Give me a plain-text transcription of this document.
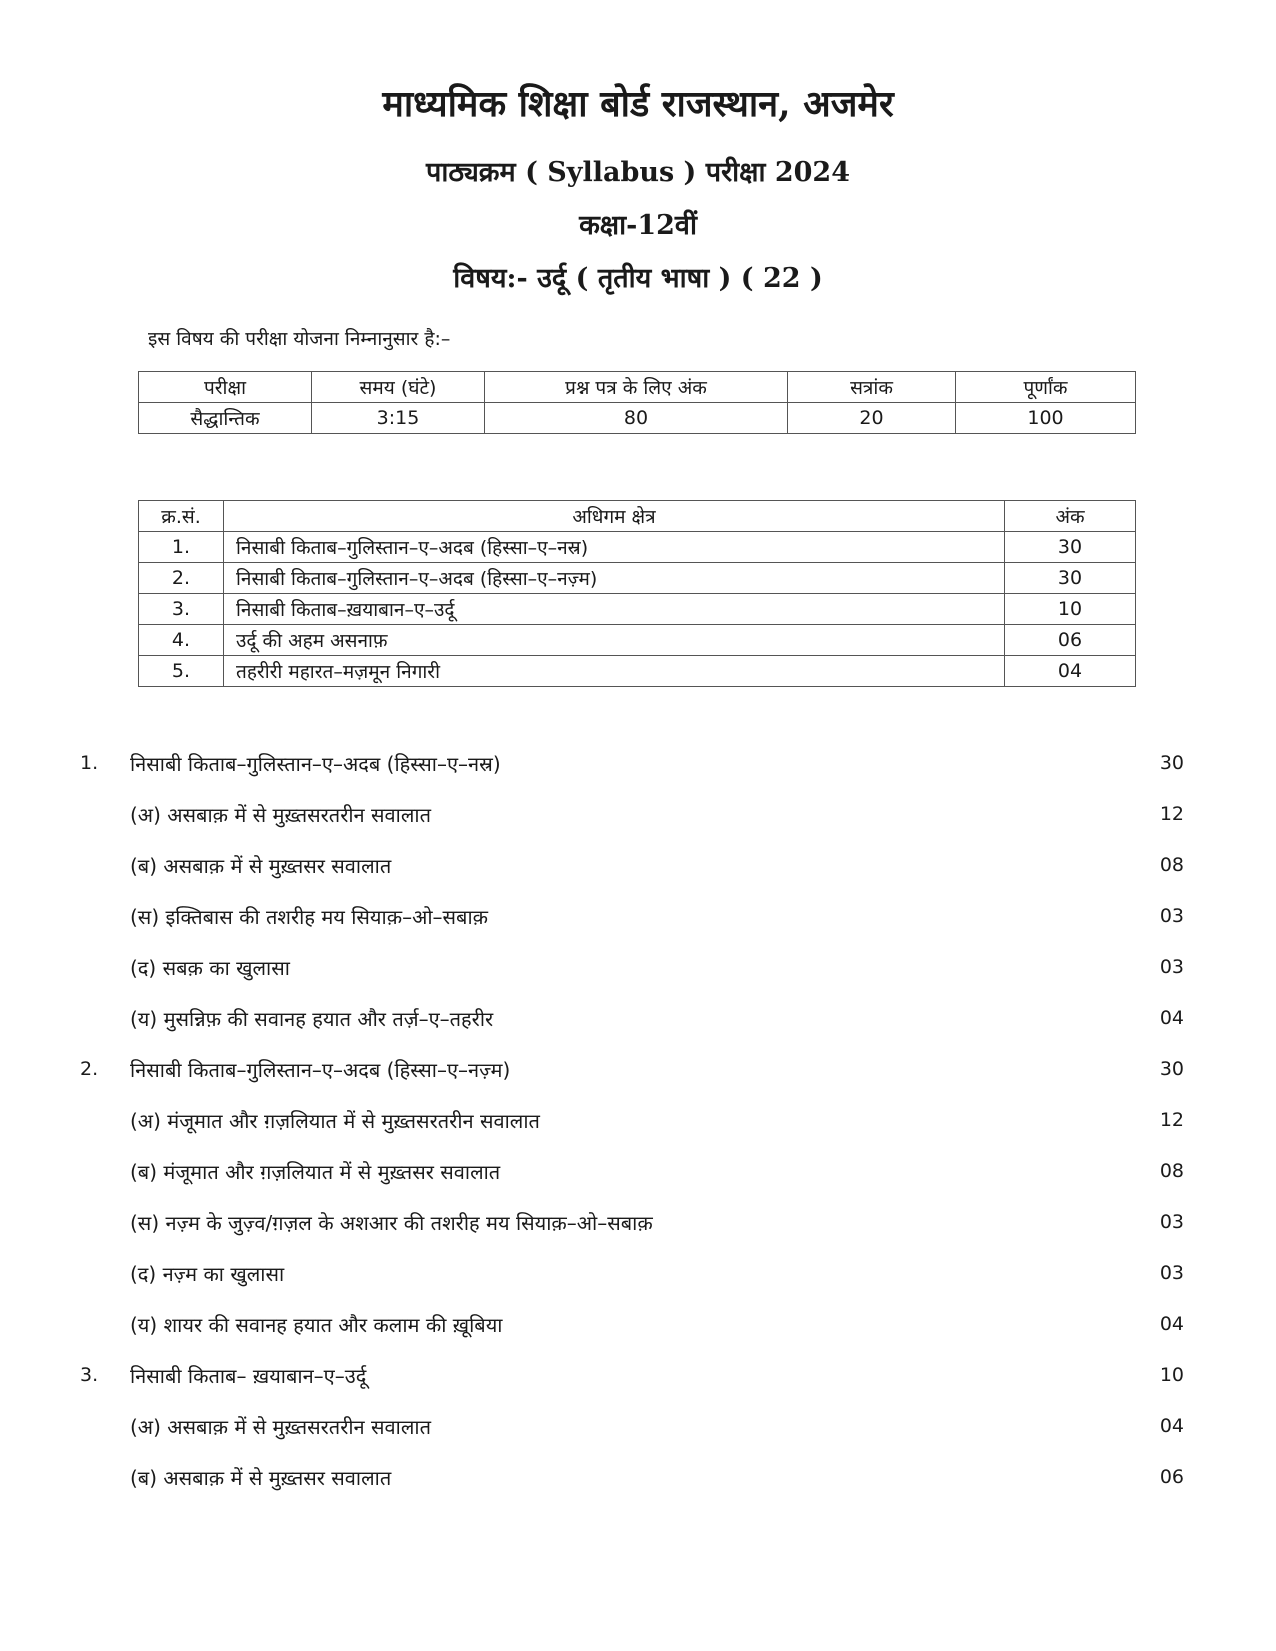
माध्यमिक शिक्षा बोर्ड राजस्थान, अजमेर
पाठ्यक्रम ( Syllabus ) परीक्षा 2024
कक्षा-12वीं
विषय:- उर्दू ( तृतीय भाषा ) ( 22 )
इस विषय की परीक्षा योजना निम्नानुसार है:–
परीक्षा	समय (घंटे)	प्रश्न पत्र के लिए अंक	सत्रांक	पूर्णांक
सैद्धान्तिक	3:15	80	20	100
क्र.सं.	अधिगम क्षेत्र	अंक
1.	निसाबी किताब–गुलिस्तान–ए–अदब (हिस्सा–ए–नस्र)	30
2.	निसाबी किताब–गुलिस्तान–ए–अदब (हिस्सा–ए–नज़्म)	30
3.	निसाबी किताब–ख़याबान–ए–उर्दू	10
4.	उर्दू की अहम असनाफ़	06
5.	तहरीरी महारत–मज़मून निगारी	04
1. निसाबी किताब–गुलिस्तान–ए–अदब (हिस्सा–ए–नस्र)	30
(अ) असबाक़ में से मुख़्तसरतरीन सवालात	12
(ब) असबाक़ में से मुख़्तसर सवालात	08
(स) इक्तिबास की तशरीह मय सियाक़–ओ–सबाक़	03
(द) सबक़ का खुलासा	03
(य) मुसन्निफ़ की सवानह हयात और तर्ज़–ए–तहरीर	04
2. निसाबी किताब–गुलिस्तान–ए–अदब (हिस्सा–ए–नज़्म)	30
(अ) मंजूमात और ग़ज़लियात में से मुख़्तसरतरीन सवालात	12
(ब) मंजूमात और ग़ज़लियात में से मुख़्तसर सवालात	08
(स) नज़्म के जुज़्व/ग़ज़ल के अशआर की तशरीह मय सियाक़–ओ–सबाक़	03
(द) नज़्म का खुलासा	03
(य) शायर की सवानह हयात और कलाम की ख़ूबिया	04
3. निसाबी किताब– ख़याबान–ए–उर्दू	10
(अ) असबाक़ में से मुख़्तसरतरीन सवालात	04
(ब) असबाक़ में से मुख़्तसर सवालात	06
